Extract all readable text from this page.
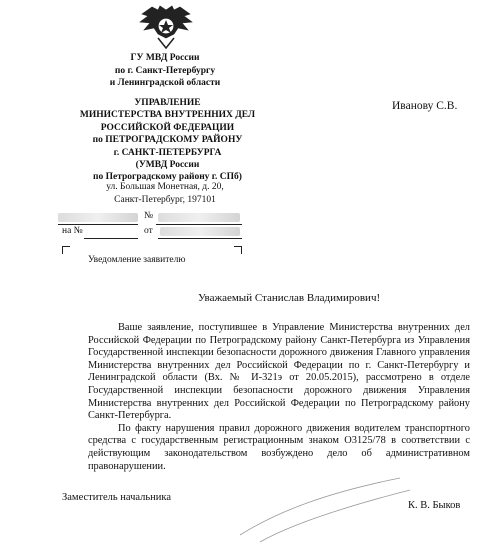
ГУ МВД России
по г. Санкт-Петербургу
и Ленинградской области
УПРАВЛЕНИЕ
МИНИСТЕРСТВА ВНУТРЕННИХ ДЕЛ
РОССИЙСКОЙ ФЕДЕРАЦИИ
по ПЕТРОГРАДСКОМУ РАЙОНУ
г. САНКТ-ПЕТЕРБУРГА
(УМВД России
по Петроградскому району г. СПб)
ул. Большая Монетная, д. 20,
Санкт-Петербург, 197101
Иванову С.В.
№
на №	от
Уведомление заявителю
Уважаемый Станислав Владимирович!

Ваше заявление, поступившее в Управление Министерства внутренних дел Российской Федерации по Петроградскому району Санкт-Петербурга из Управления Государственной инспекции безопасности дорожного движения Главного управления Министерства внутренних дел Российской Федерации по г. Санкт-Петербургу и Ленинградской области (Вх. № И-321э от 20.05.2015), рассмотрено в отделе Государственной инспекции безопасности дорожного движения Управления Министерства внутренних дел Российской Федерации по Петроградскому району Санкт-Петербурга.

По факту нарушения правил дорожного движения водителем транспортного средства с государственным регистрационным знаком О3125/78 в соответствии с действующим законодательством возбуждено дело об административном правонарушении.

Заместитель начальника
К. В. Быков
